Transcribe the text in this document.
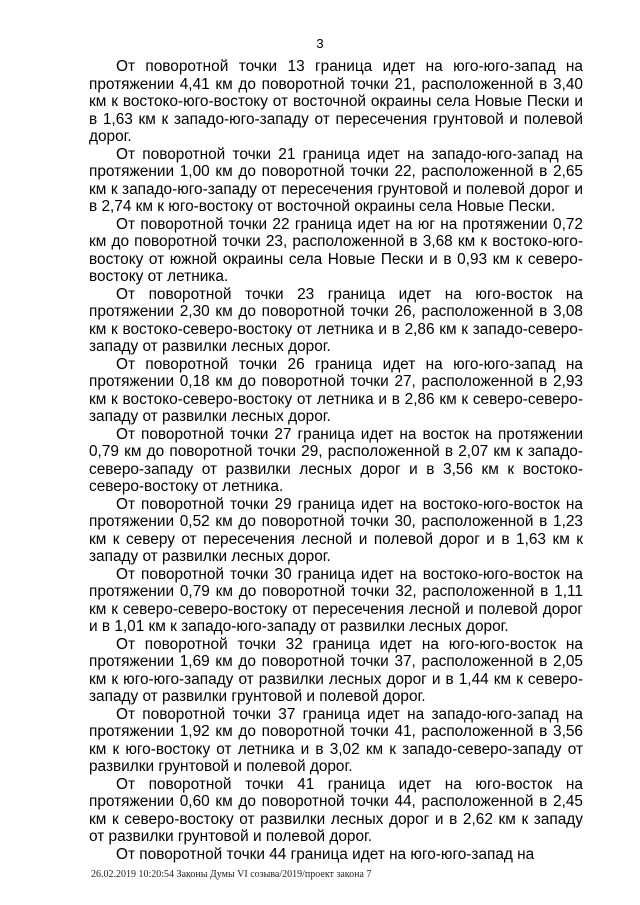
3

От поворотной точки 13 граница идет на юго-юго-запад на протяжении 4,41 км до поворотной точки 21, расположенной в 3,40 км к востоко-юго-востоку от восточной окраины села Новые Пески и в 1,63 км к западо-юго-западу от пересечения грунтовой и полевой дорог.

От поворотной точки 21 граница идет на западо-юго-запад на протяжении 1,00 км до поворотной точки 22, расположенной в 2,65 км к западо-юго-западу от пересечения грунтовой и полевой дорог и в 2,74 км к юго-востоку от восточной окраины села Новые Пески.

От поворотной точки 22 граница идет на юг на протяжении 0,72 км до поворотной точки 23, расположенной в 3,68 км к востоко-юго-востоку от южной окраины села Новые Пески и в 0,93 км к северо-востоку от летника.

От поворотной точки 23 граница идет на юго-восток на протяжении 2,30 км до поворотной точки 26, расположенной в 3,08 км к востоко-северо-востоку от летника и в 2,86 км к западо-северо-западу от развилки лесных дорог.

От поворотной точки 26 граница идет на юго-юго-запад на протяжении 0,18 км до поворотной точки 27, расположенной в 2,93 км к востоко-северо-востоку от летника и в 2,86 км к северо-северо-западу от развилки лесных дорог.

От поворотной точки 27 граница идет на восток на протяжении 0,79 км до поворотной точки 29, расположенной в 2,07 км к западо-северо-западу от развилки лесных дорог и в 3,56 км к востоко-северо-востоку от летника.

От поворотной точки 29 граница идет на востоко-юго-восток на протяжении 0,52 км до поворотной точки 30, расположенной в 1,23 км к северу от пересечения лесной и полевой дорог и в 1,63 км к западу от развилки лесных дорог.

От поворотной точки 30 граница идет на востоко-юго-восток на протяжении 0,79 км до поворотной точки 32, расположенной в 1,11 км к северо-северо-востоку от пересечения лесной и полевой дорог и в 1,01 км к западо-юго-западу от развилки лесных дорог.

От поворотной точки 32 граница идет на юго-юго-восток на протяжении 1,69 км до поворотной точки 37, расположенной в 2,05 км к юго-юго-западу от развилки лесных дорог и в 1,44 км к северо-западу от развилки грунтовой и полевой дорог.

От поворотной точки 37 граница идет на западо-юго-запад на протяжении 1,92 км до поворотной точки 41, расположенной в 3,56 км к юго-востоку от летника и в 3,02 км к западо-северо-западу от развилки грунтовой и полевой дорог.

От поворотной точки 41 граница идет на юго-восток на протяжении 0,60 км до поворотной точки 44, расположенной в 2,45 км к северо-востоку от развилки лесных дорог и в 2,62 км к западу от развилки грунтовой и полевой дорог.

От поворотной точки 44 граница идет на юго-юго-запад на

26.02.2019 10:20:54 Законы Думы VI созыва/2019/проект закона 7
